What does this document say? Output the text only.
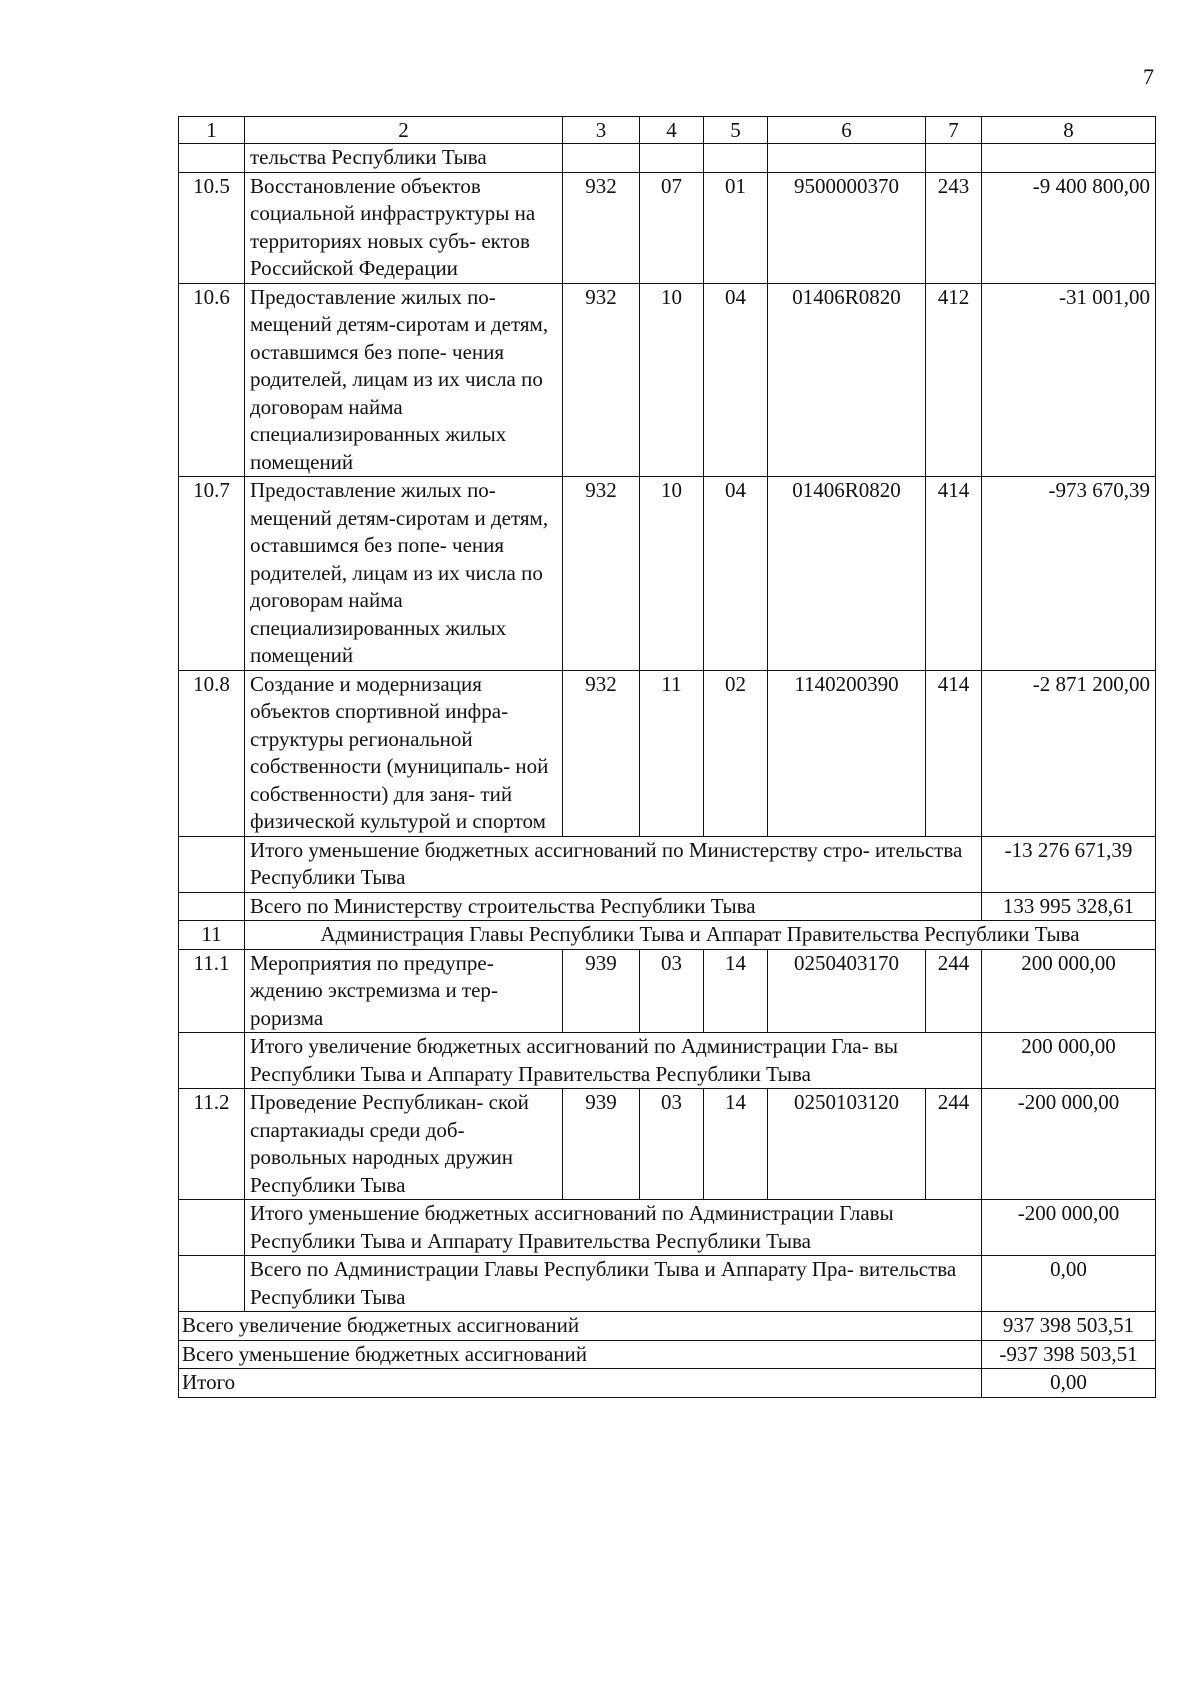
7
1	2	3	4	5	6	7	8
	тельства Республики Тыва						
10.5	Восстановление объектов социальной инфраструктуры на территориях новых субъ- ектов Российской Федерации	932	07	01	9500000370	243	-9 400 800,00
10.6	Предоставление жилых по- мещений детям-сиротам и детям, оставшимся без попе- чения родителей, лицам из их числа по договорам найма специализированных жилых помещений	932	10	04	01406R0820	412	-31 001,00
10.7	Предоставление жилых по- мещений детям-сиротам и детям, оставшимся без попе- чения родителей, лицам из их числа по договорам найма специализированных жилых помещений	932	10	04	01406R0820	414	-973 670,39
10.8	Создание и модернизация объектов спортивной инфра- структуры региональной собственности (муниципаль- ной собственности) для заня- тий физической культурой и спортом	932	11	02	1140200390	414	-2 871 200,00
	Итого уменьшение бюджетных ассигнований по Министерству стро- ительства Республики Тыва						-13 276 671,39
	Всего по Министерству строительства Республики Тыва						133 995 328,61
11	Администрация Главы Республики Тыва и Аппарат Правительства Республики Тыва						
11.1	Мероприятия по предупре- ждению экстремизма и тер- роризма	939	03	14	0250403170	244	200 000,00
	Итого увеличение бюджетных ассигнований по Администрации Гла- вы Республики Тыва и Аппарату Правительства Республики Тыва						200 000,00
11.2	Проведение Республикан- ской спартакиады среди доб- ровольных народных дружин Республики Тыва	939	03	14	0250103120	244	-200 000,00
	Итого уменьшение бюджетных ассигнований по Администрации Главы Республики Тыва и Аппарату Правительства Республики Тыва						-200 000,00
	Всего по Администрации Главы Республики Тыва и Аппарату Пра- вительства Республики Тыва						0,00
Всего увеличение бюджетных ассигнований							937 398 503,51
Всего уменьшение бюджетных ассигнований							-937 398 503,51
Итого							0,00
